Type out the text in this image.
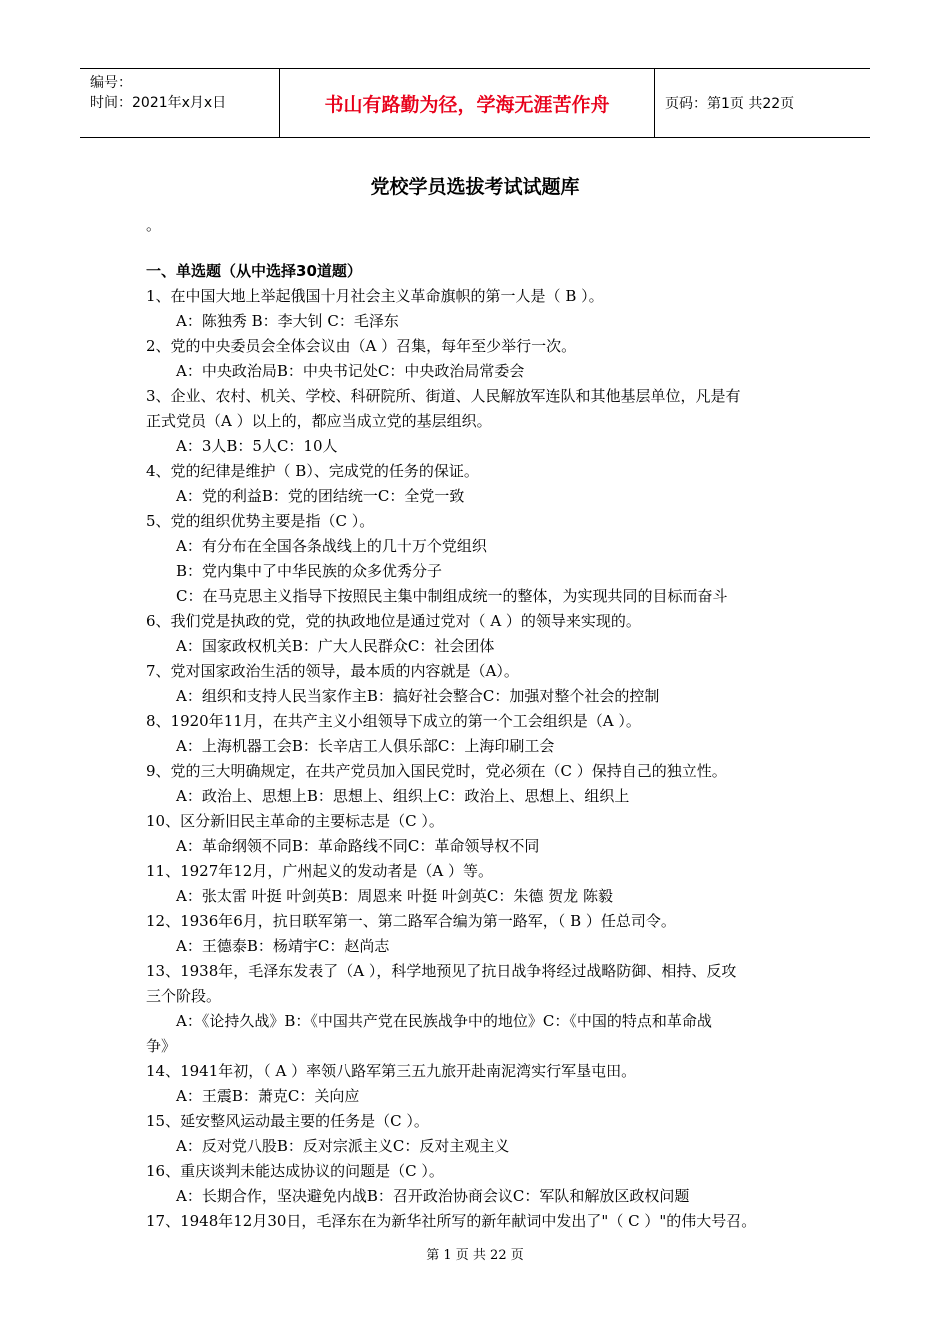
编号：
时间：2021年x月x日	书山有路勤为径，学海无涯苦作舟	页码：第1页 共22页
党校学员选拔考试试题库
。
一、单选题（从中选择30道题）
1、在中国大地上举起俄国十月社会主义革命旗帜的第一人是（ B ）。
A：陈独秀 B：李大钊 C：毛泽东
2、党的中央委员会全体会议由（A ）召集，每年至少举行一次。
A：中央政治局B：中央书记处C：中央政治局常委会
3、企业、农村、机关、学校、科研院所、街道、人民解放军连队和其他基层单位，凡是有
正式党员（A ）以上的，都应当成立党的基层组织。
A：3人B：5人C：10人
4、党的纪律是维护（ B）、完成党的任务的保证。
A：党的利益B：党的团结统一C：全党一致
5、党的组织优势主要是指（C ）。
A：有分布在全国各条战线上的几十万个党组织
B：党内集中了中华民族的众多优秀分子
C：在马克思主义指导下按照民主集中制组成统一的整体，为实现共同的目标而奋斗
6、我们党是执政的党，党的执政地位是通过党对（ A ）的领导来实现的。
A：国家政权机关B：广大人民群众C：社会团体
7、党对国家政治生活的领导，最本质的内容就是（A）。
A：组织和支持人民当家作主B：搞好社会整合C：加强对整个社会的控制
8、1920年11月，在共产主义小组领导下成立的第一个工会组织是（A ）。
A：上海机器工会B：长辛店工人俱乐部C：上海印刷工会
9、党的三大明确规定，在共产党员加入国民党时，党必须在（C ）保持自己的独立性。
A：政治上、思想上B：思想上、组织上C：政治上、思想上、组织上
10、区分新旧民主革命的主要标志是（C ）。
A：革命纲领不同B：革命路线不同C：革命领导权不同
11、1927年12月，广州起义的发动者是（A ）等。
A：张太雷 叶挺 叶剑英B：周恩来 叶挺 叶剑英C：朱德 贺龙 陈毅
12、1936年6月，抗日联军第一、第二路军合编为第一路军，（ B ）任总司令。
A：王德泰B：杨靖宇C：赵尚志
13、1938年，毛泽东发表了（A ），科学地预见了抗日战争将经过战略防御、相持、反攻
三个阶段。
A：《论持久战》B：《中国共产党在民族战争中的地位》C：《中国的特点和革命战
争》
14、1941年初，（ A ）率领八路军第三五九旅开赴南泥湾实行军垦屯田。
A：王震B：萧克C：关向应
15、延安整风运动最主要的任务是（C ）。
A：反对党八股B：反对宗派主义C：反对主观主义
16、重庆谈判未能达成协议的问题是（C ）。
A：长期合作，坚决避免内战B：召开政治协商会议C：军队和解放区政权问题
17、1948年12月30日，毛泽东在为新华社所写的新年献词中发出了"（ C ）"的伟大号召。
第 1 页 共 22 页
